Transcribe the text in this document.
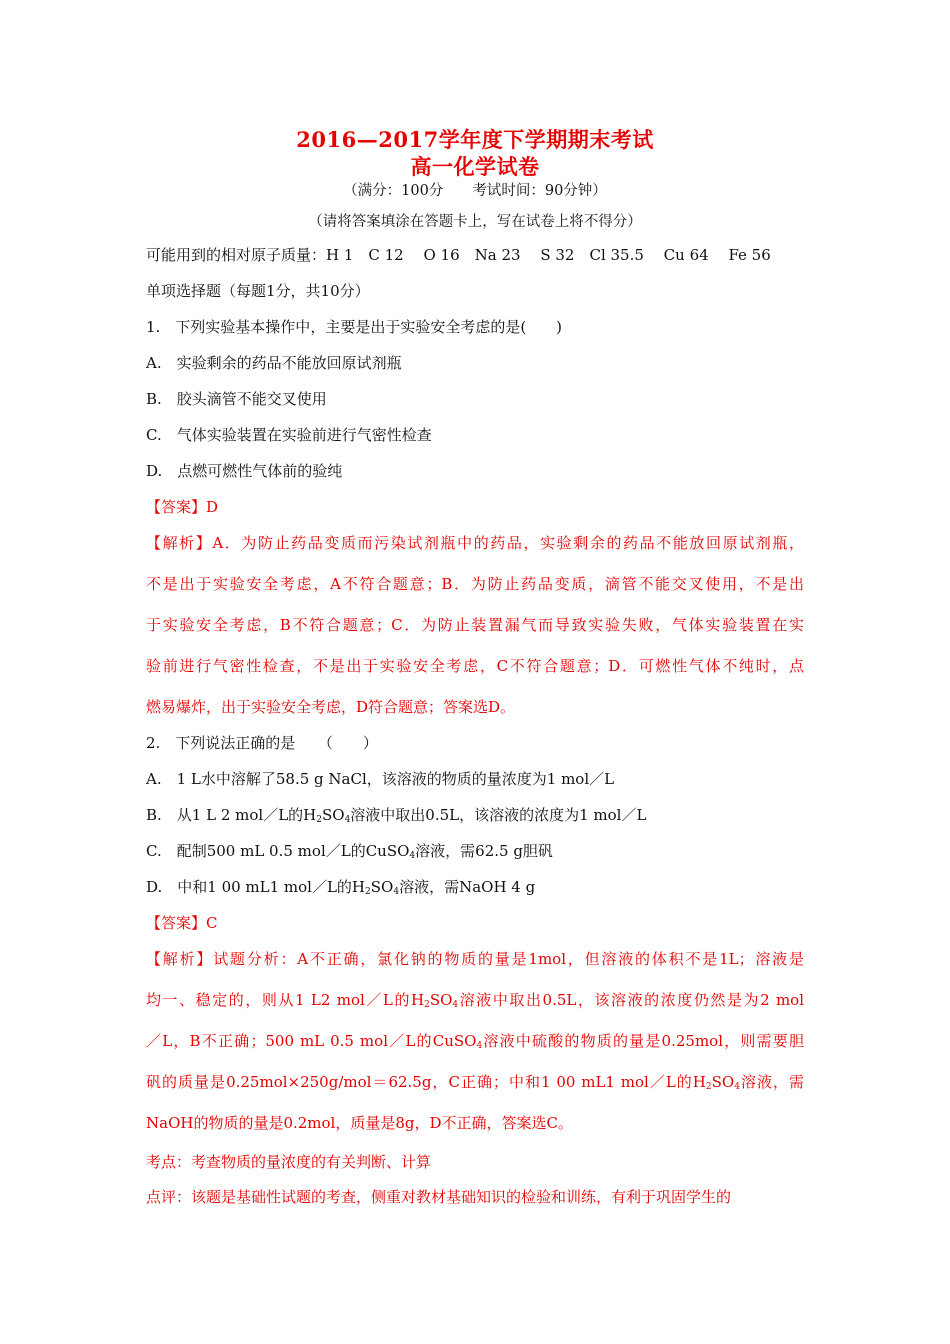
2016—2017学年度下学期期末考试
高一化学试卷
（满分：100分　　考试时间：90分钟）
（请将答案填涂在答题卡上，写在试卷上将不得分）
可能用到的相对原子质量：H 1　C 12　 O 16　Na 23　 S 32　Cl 35.5　 Cu 64　 Fe 56
单项选择题（每题1分，共10分）
1.　下列实验基本操作中，主要是出于实验安全考虑的是(　　)
A.　实验剩余的药品不能放回原试剂瓶
B.　胶头滴管不能交叉使用
C.　气体实验装置在实验前进行气密性检查
D.　点燃可燃性气体前的验纯
【答案】D
【解析】A．为防止药品变质而污染试剂瓶中的药品，实验剩余的药品不能放回原试剂瓶，
不是出于实验安全考虑，A不符合题意；B．为防止药品变质，滴管不能交叉使用，不是出
于实验安全考虑，B不符合题意；C．为防止装置漏气而导致实验失败，气体实验装置在实
验前进行气密性检查，不是出于实验安全考虑，C不符合题意；D．可燃性气体不纯时，点
燃易爆炸，出于实验安全考虑，D符合题意；答案选D。
2.　下列说法正确的是　　（　　）
A.　1 L水中溶解了58.5 g NaCl，该溶液的物质的量浓度为1 mol／L
B.　从1 L 2 mol／L的$H_2SO_4$溶液中取出0.5L，该溶液的浓度为1 mol／L
C.　配制500 mL 0.5 mol／L的CuSO$_4$溶液，需62.5 g胆矾
D.　中和1 00 mL1 mol／L的$H_2SO_4$溶液，需NaOH 4 g
【答案】C
【解析】试题分析：A不正确，氯化钠的物质的量是1mol，但溶液的体积不是1L；溶液是
均一、稳定的，则从1 L2 mol／L的$H_2SO_4$溶液中取出0.5L，该溶液的浓度仍然是为2 mol
／L，B不正确；500 mL 0.5 mol／L的CuSO$_4$溶液中硫酸的物质的量是0.25mol，则需要胆
矾的质量是0.25mol×250g/mol＝62.5g，C正确；中和1 00 mL1 mol／L的$H_2SO_4$溶液，需
NaOH的物质的量是0.2mol，质量是8g，D不正确，答案选C。
考点：考查物质的量浓度的有关判断、计算
点评：该题是基础性试题的考查，侧重对教材基础知识的检验和训练，有利于巩固学生的
